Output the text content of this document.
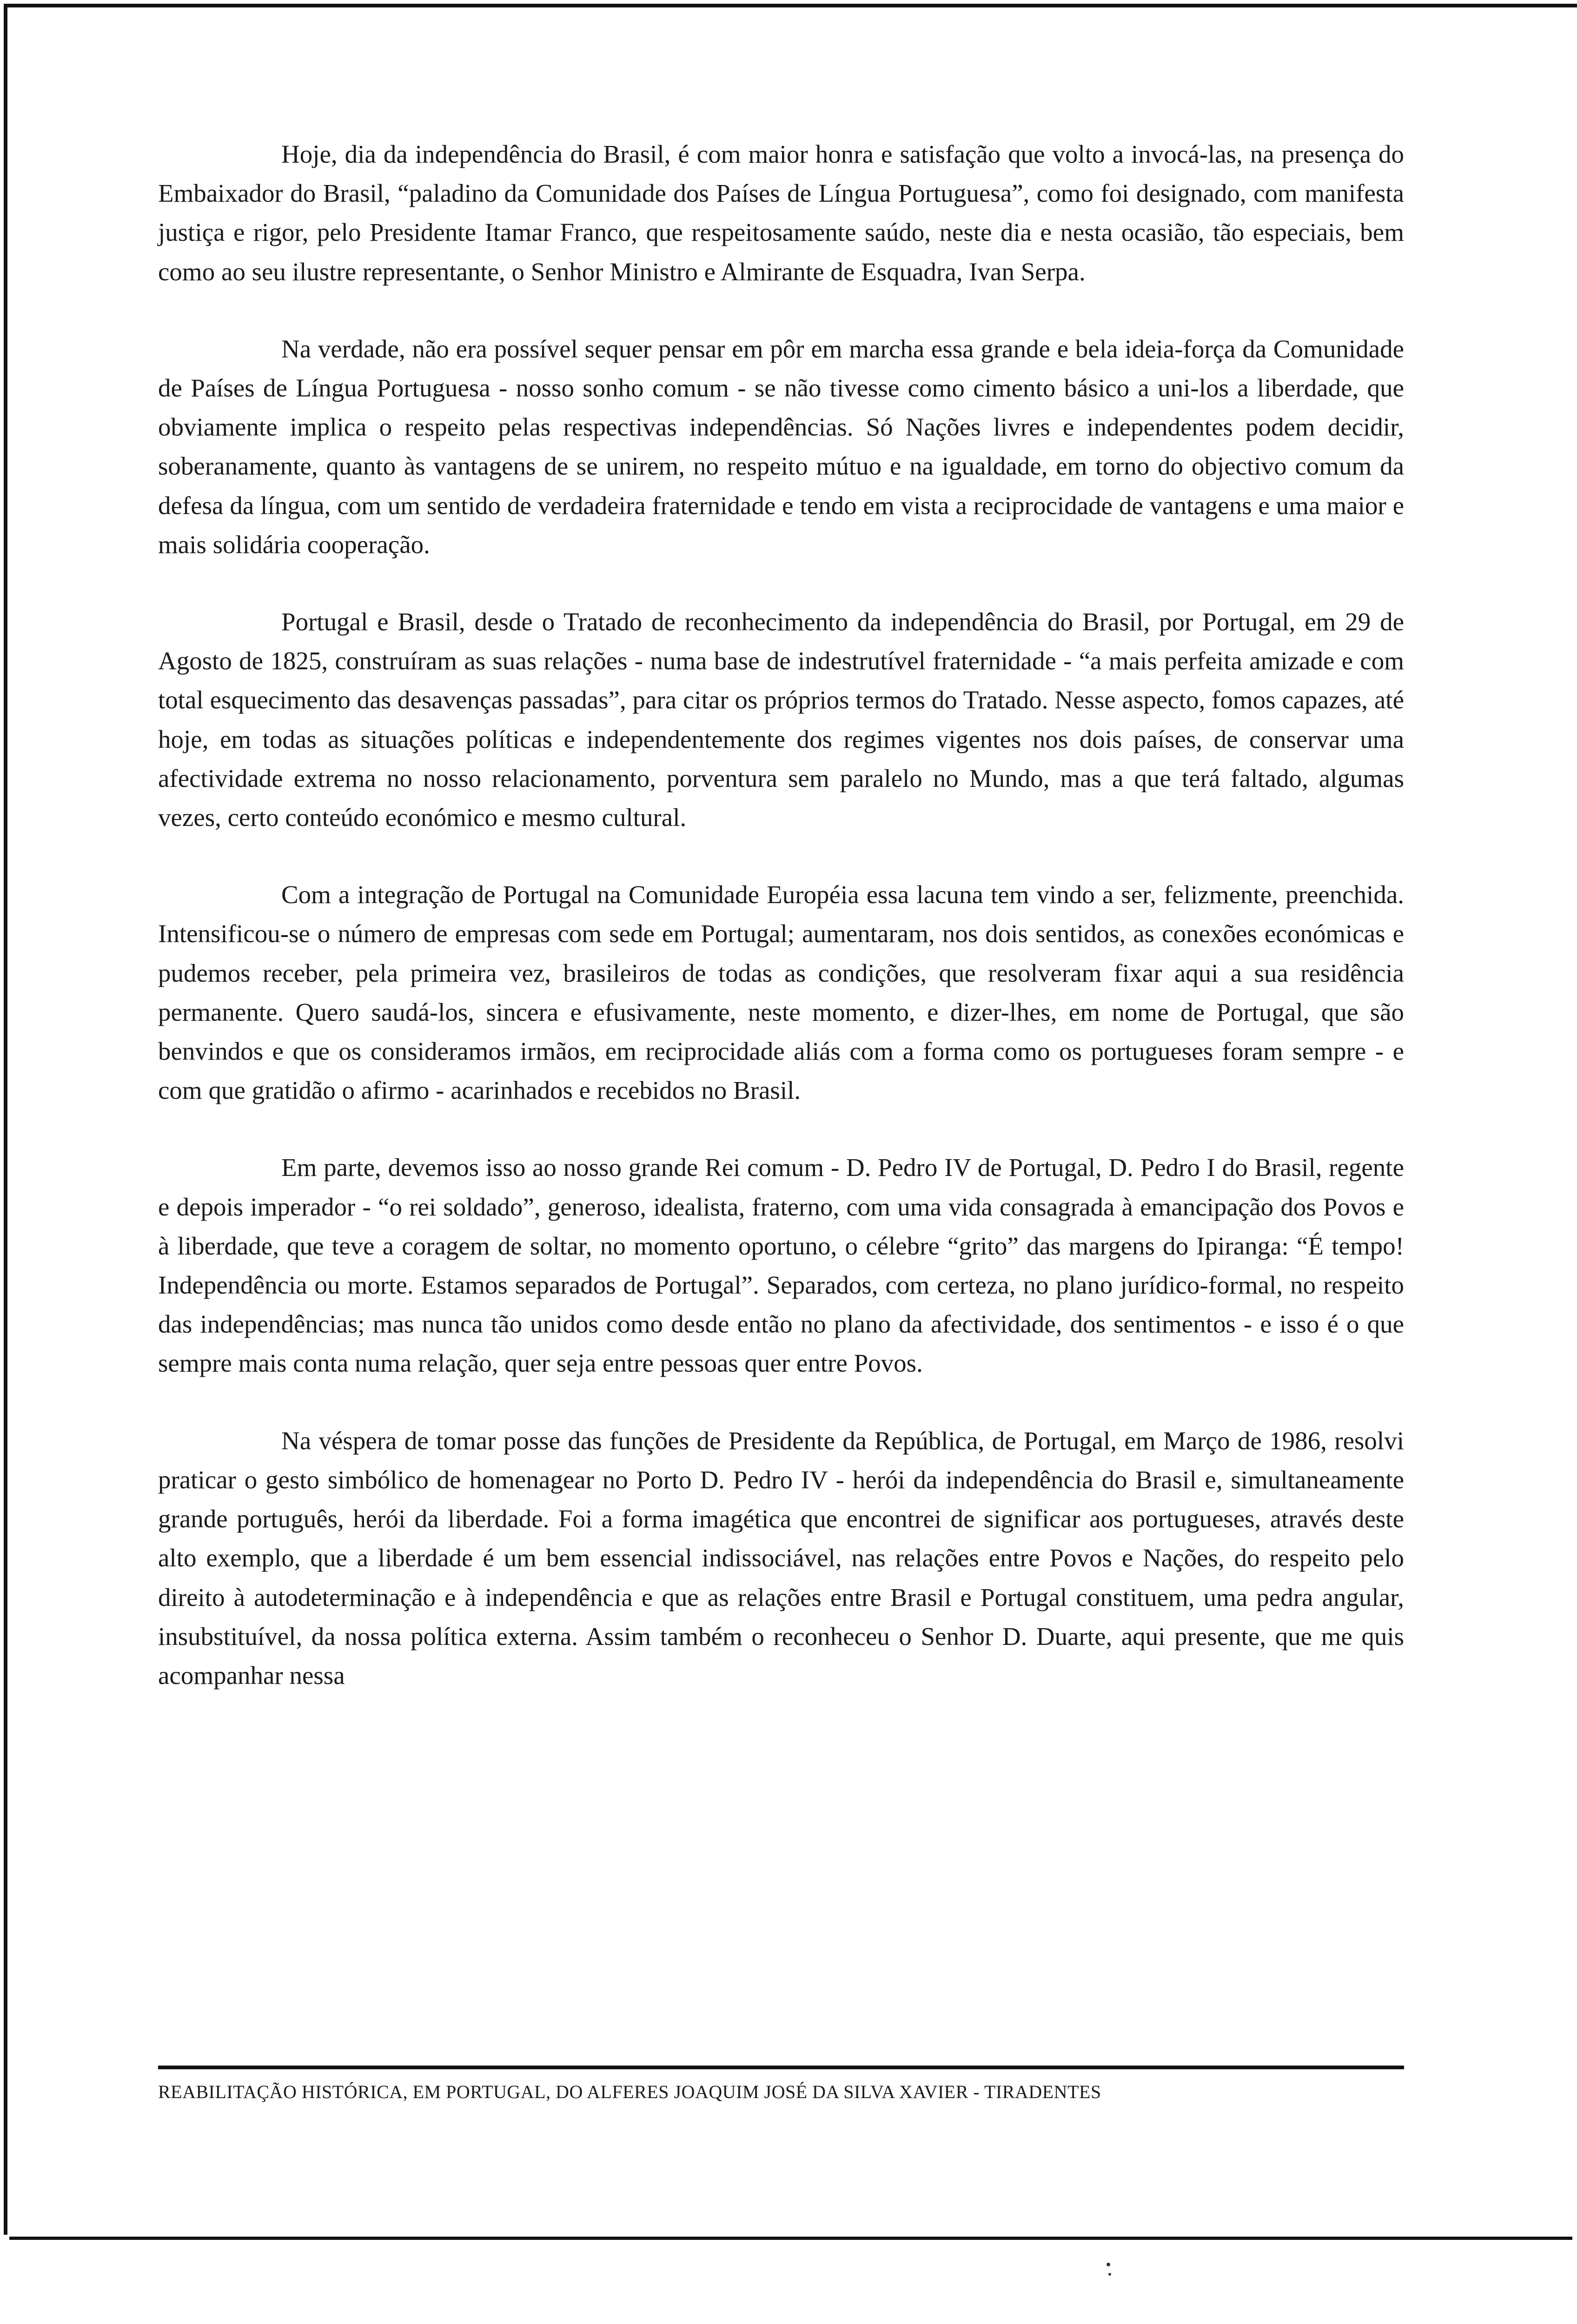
Hoje, dia da independência do Brasil, é com maior honra e satisfação que volto a invocá-las, na presença do Embaixador do Brasil, “paladino da Comunidade dos Países de Língua Portuguesa”, como foi designado, com manifesta justiça e rigor, pelo Presidente Itamar Franco, que respeitosamente saúdo, neste dia e nesta ocasião, tão especiais, bem como ao seu ilustre representante, o Senhor Ministro e Almirante de Esquadra, Ivan Serpa.

Na verdade, não era possível sequer pensar em pôr em marcha essa grande e bela ideia-força da Comunidade de Países de Língua Portuguesa - nosso sonho comum - se não tivesse como cimento básico a uni-los a liberdade, que obviamente implica o respeito pelas respectivas independências. Só Nações livres e independentes podem decidir, soberanamente, quanto às vantagens de se unirem, no respeito mútuo e na igualdade, em torno do objectivo comum da defesa da língua, com um sentido de verdadeira fraternidade e tendo em vista a reciprocidade de vantagens e uma maior e mais solidária cooperação.

Portugal e Brasil, desde o Tratado de reconhecimento da independência do Brasil, por Portugal, em 29 de Agosto de 1825, construíram as suas relações - numa base de indestrutível fraternidade - “a mais perfeita amizade e com total esquecimento das desavenças passadas”, para citar os próprios termos do Tratado. Nesse aspecto, fomos capazes, até hoje, em todas as situações políticas e independentemente dos regimes vigentes nos dois países, de conservar uma afectividade extrema no nosso relacionamento, porventura sem paralelo no Mundo, mas a que terá faltado, algumas vezes, certo conteúdo económico e mesmo cultural.

Com a integração de Portugal na Comunidade Européia essa lacuna tem vindo a ser, felizmente, preenchida. Intensificou-se o número de empresas com sede em Portugal; aumentaram, nos dois sentidos, as conexões económicas e pudemos receber, pela primeira vez, brasileiros de todas as condições, que resolveram fixar aqui a sua residência permanente. Quero saudá-los, sincera e efusivamente, neste momento, e dizer-lhes, em nome de Portugal, que são benvindos e que os consideramos irmãos, em reciprocidade aliás com a forma como os portugueses foram sempre - e com que gratidão o afirmo - acarinhados e recebidos no Brasil.

Em parte, devemos isso ao nosso grande Rei comum - D. Pedro IV de Portugal, D. Pedro I do Brasil, regente e depois imperador - “o rei soldado”, generoso, idealista, fraterno, com uma vida consagrada à emancipação dos Povos e à liberdade, que teve a coragem de soltar, no momento oportuno, o célebre “grito” das margens do Ipiranga: “É tempo! Independência ou morte. Estamos separados de Portugal”. Separados, com certeza, no plano jurídico-formal, no respeito das independências; mas nunca tão unidos como desde então no plano da afectividade, dos sentimentos - e isso é o que sempre mais conta numa relação, quer seja entre pessoas quer entre Povos.

Na véspera de tomar posse das funções de Presidente da República, de Portugal, em Março de 1986, resolvi praticar o gesto simbólico de homenagear no Porto D. Pedro IV - herói da independência do Brasil e, simultaneamente grande português, herói da liberdade. Foi a forma imagética que encontrei de significar aos portugueses, através deste alto exemplo, que a liberdade é um bem essencial indissociável, nas relações entre Povos e Nações, do respeito pelo direito à autodeterminação e à independência e que as relações entre Brasil e Portugal constituem, uma pedra angular, insubstituível, da nossa política externa. Assim também o reconheceu o Senhor D. Duarte, aqui presente, que me quis acompanhar nessa

REABILITAÇÃO HISTÓRICA, EM PORTUGAL, DO ALFERES JOAQUIM JOSÉ DA SILVA XAVIER - TIRADENTES
